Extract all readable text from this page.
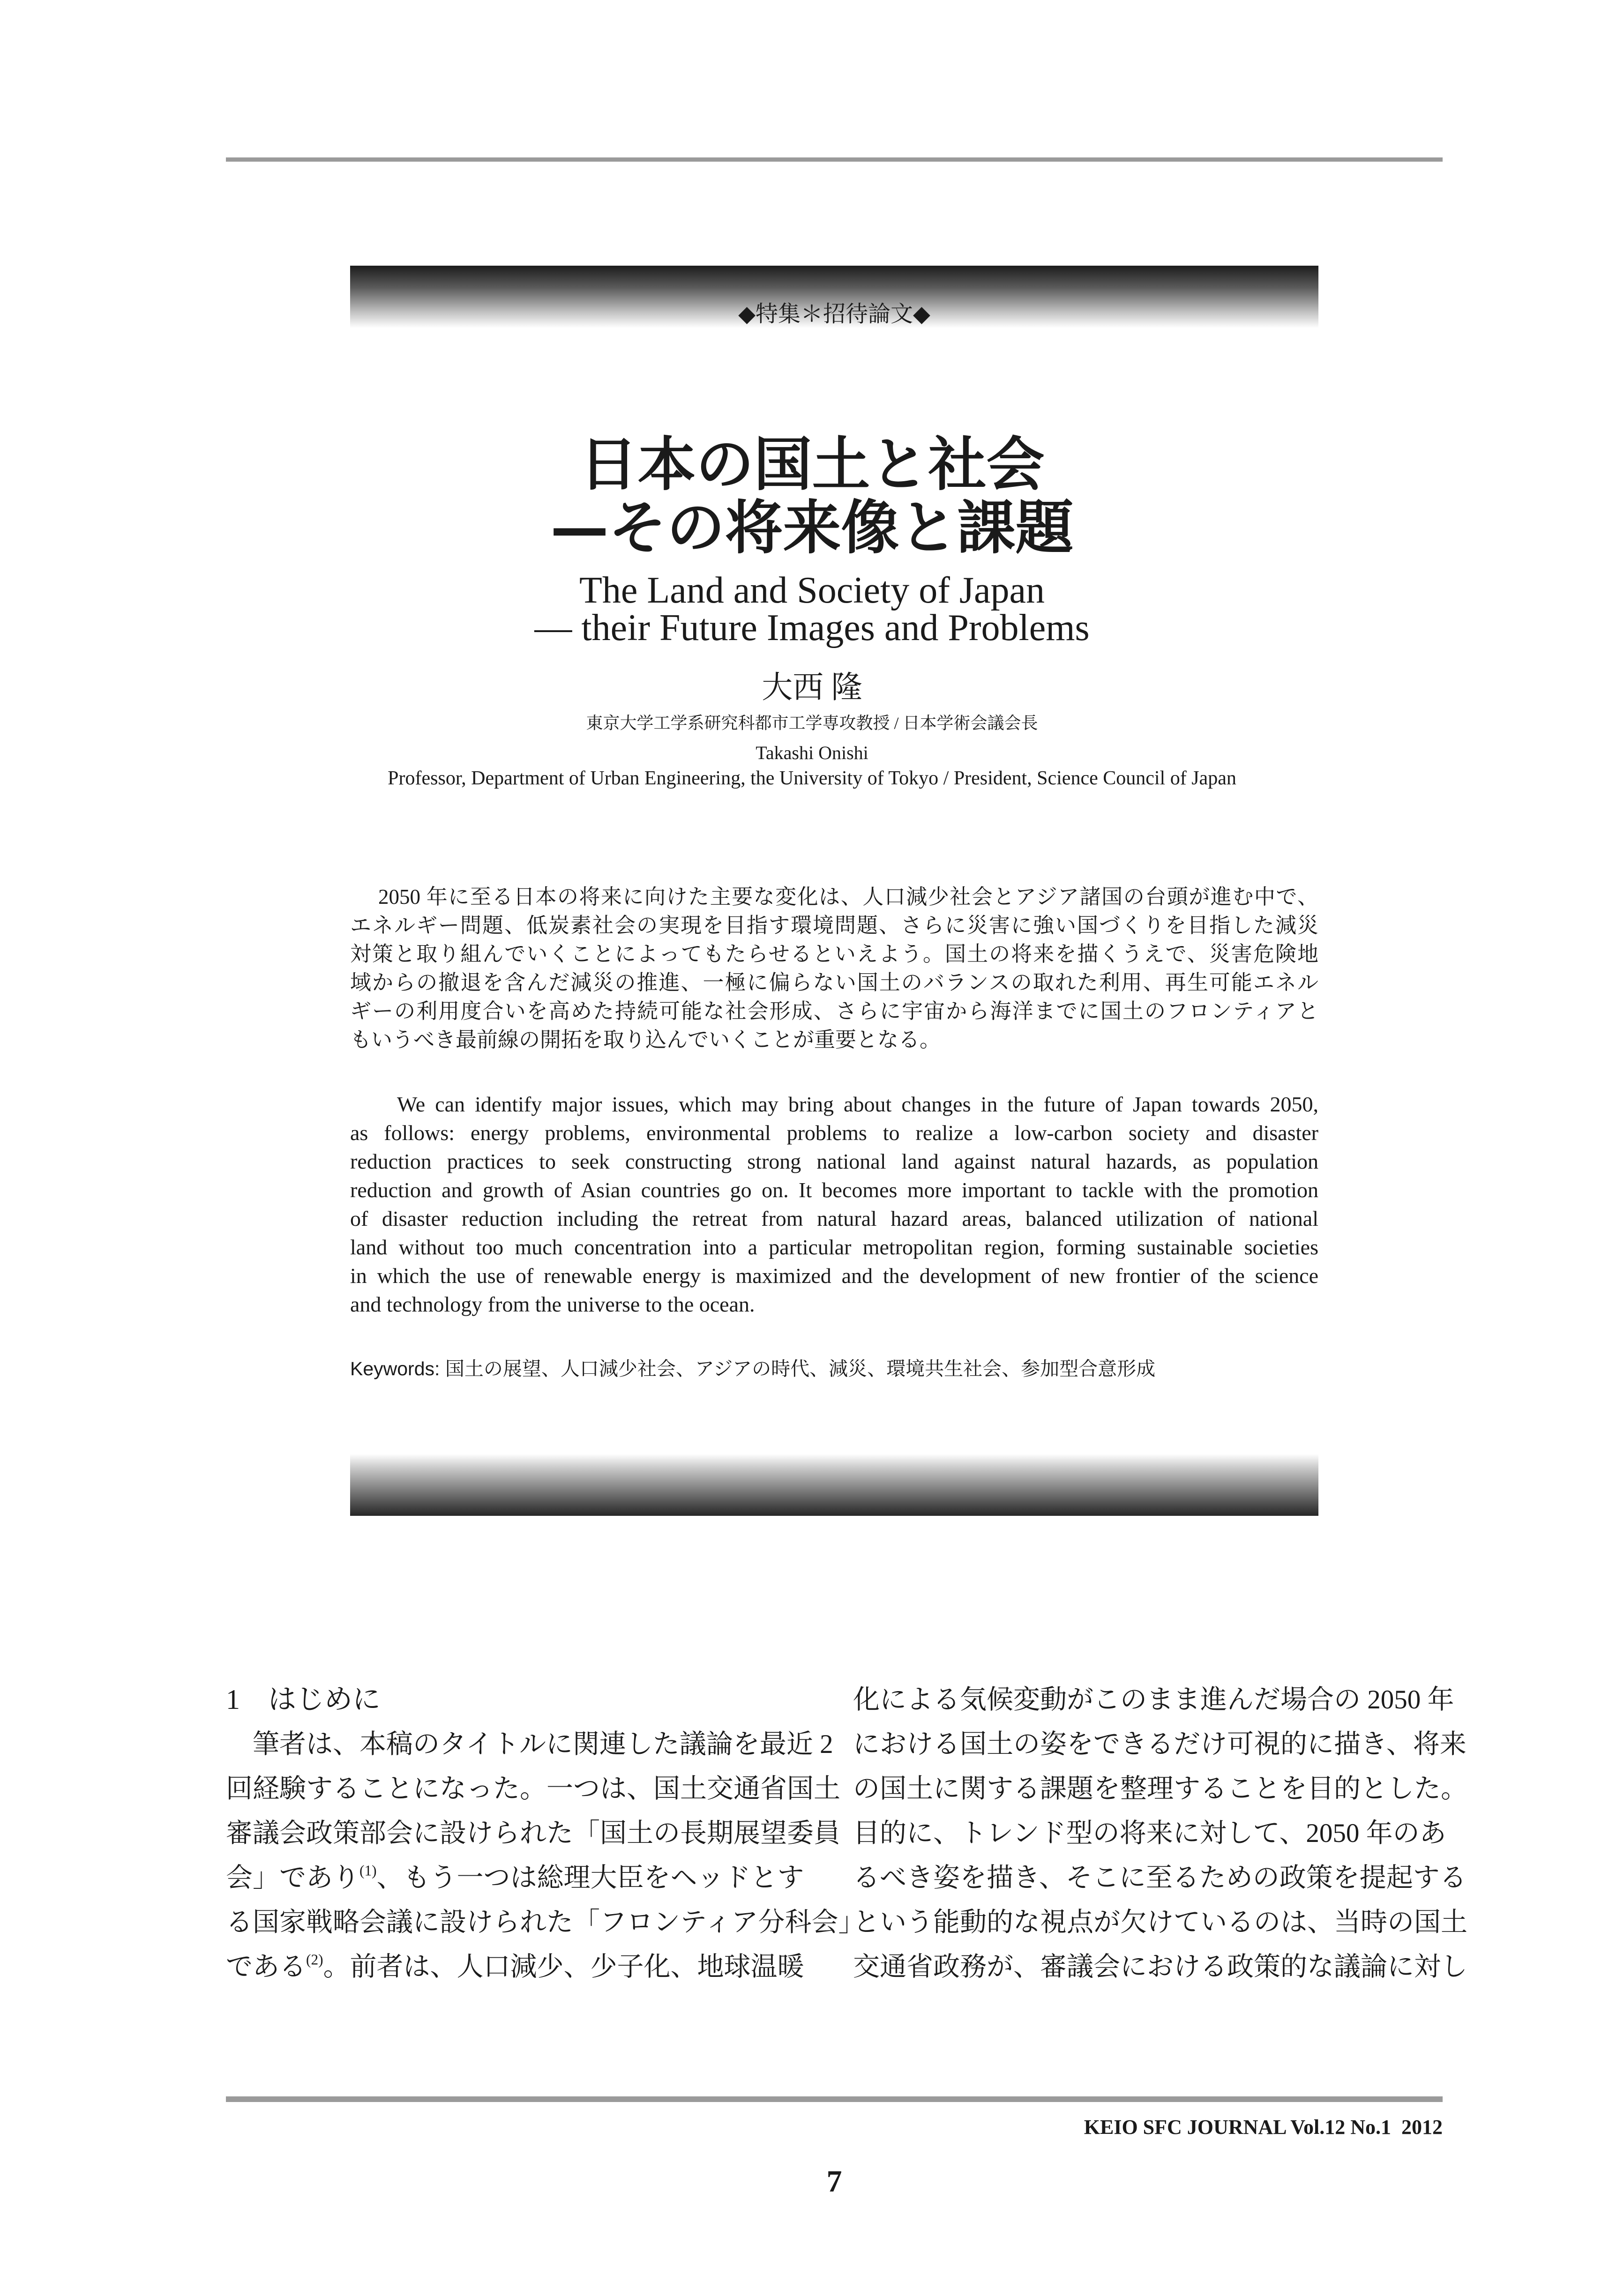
◆特集＊招待論文◆
日本の国土と社会
—その将来像と課題
The Land and Society of Japan
— their Future Images and Problems
大西 隆
東京大学工学系研究科都市工学専攻教授 / 日本学術会議会長
Takashi Onishi
Professor, Department of Urban Engineering, the University of Tokyo / President, Science Council of Japan
2050 年に至る日本の将来に向けた主要な変化は、人口減少社会とアジア諸国の台頭が進む中で、
エネルギー問題、低炭素社会の実現を目指す環境問題、さらに災害に強い国づくりを目指した減災
対策と取り組んでいくことによってもたらせるといえよう。国土の将来を描くうえで、災害危険地
域からの撤退を含んだ減災の推進、一極に偏らない国土のバランスの取れた利用、再生可能エネル
ギーの利用度合いを高めた持続可能な社会形成、さらに宇宙から海洋までに国土のフロンティアと
もいうべき最前線の開拓を取り込んでいくことが重要となる。
We can identify major issues, which may bring about changes in the future of Japan towards 2050,
as follows: energy problems, environmental problems to realize a low-carbon society and disaster
reduction practices to seek constructing strong national land against natural hazards, as population
reduction and growth of Asian countries go on. It becomes more important to tackle with the promotion
of disaster reduction including the retreat from natural hazard areas, balanced utilization of national
land without too much concentration into a particular metropolitan region, forming sustainable societies
in which the use of renewable energy is maximized and the development of new frontier of the science
and technology from the universe to the ocean.
Keywords: 国土の展望、人口減少社会、アジアの時代、減災、環境共生社会、参加型合意形成
1　はじめに
筆者は、本稿のタイトルに関連した議論を最近 2
回経験することになった。一つは、国土交通省国土
審議会政策部会に設けられた「国土の長期展望委員
会」であり$^{(1)}$、もう一つは総理大臣をヘッドとす
る国家戦略会議に設けられた「フロンティア分科会」
である$^{(2)}$。前者は、人口減少、少子化、地球温暖
化による気候変動がこのまま進んだ場合の 2050 年
における国土の姿をできるだけ可視的に描き、将来
の国土に関する課題を整理することを目的とした。
目的に、トレンド型の将来に対して、2050 年のあ
るべき姿を描き、そこに至るための政策を提起する
という能動的な視点が欠けているのは、当時の国土
交通省政務が、審議会における政策的な議論に対し
KEIO SFC JOURNAL Vol.12 No.1  2012
7
